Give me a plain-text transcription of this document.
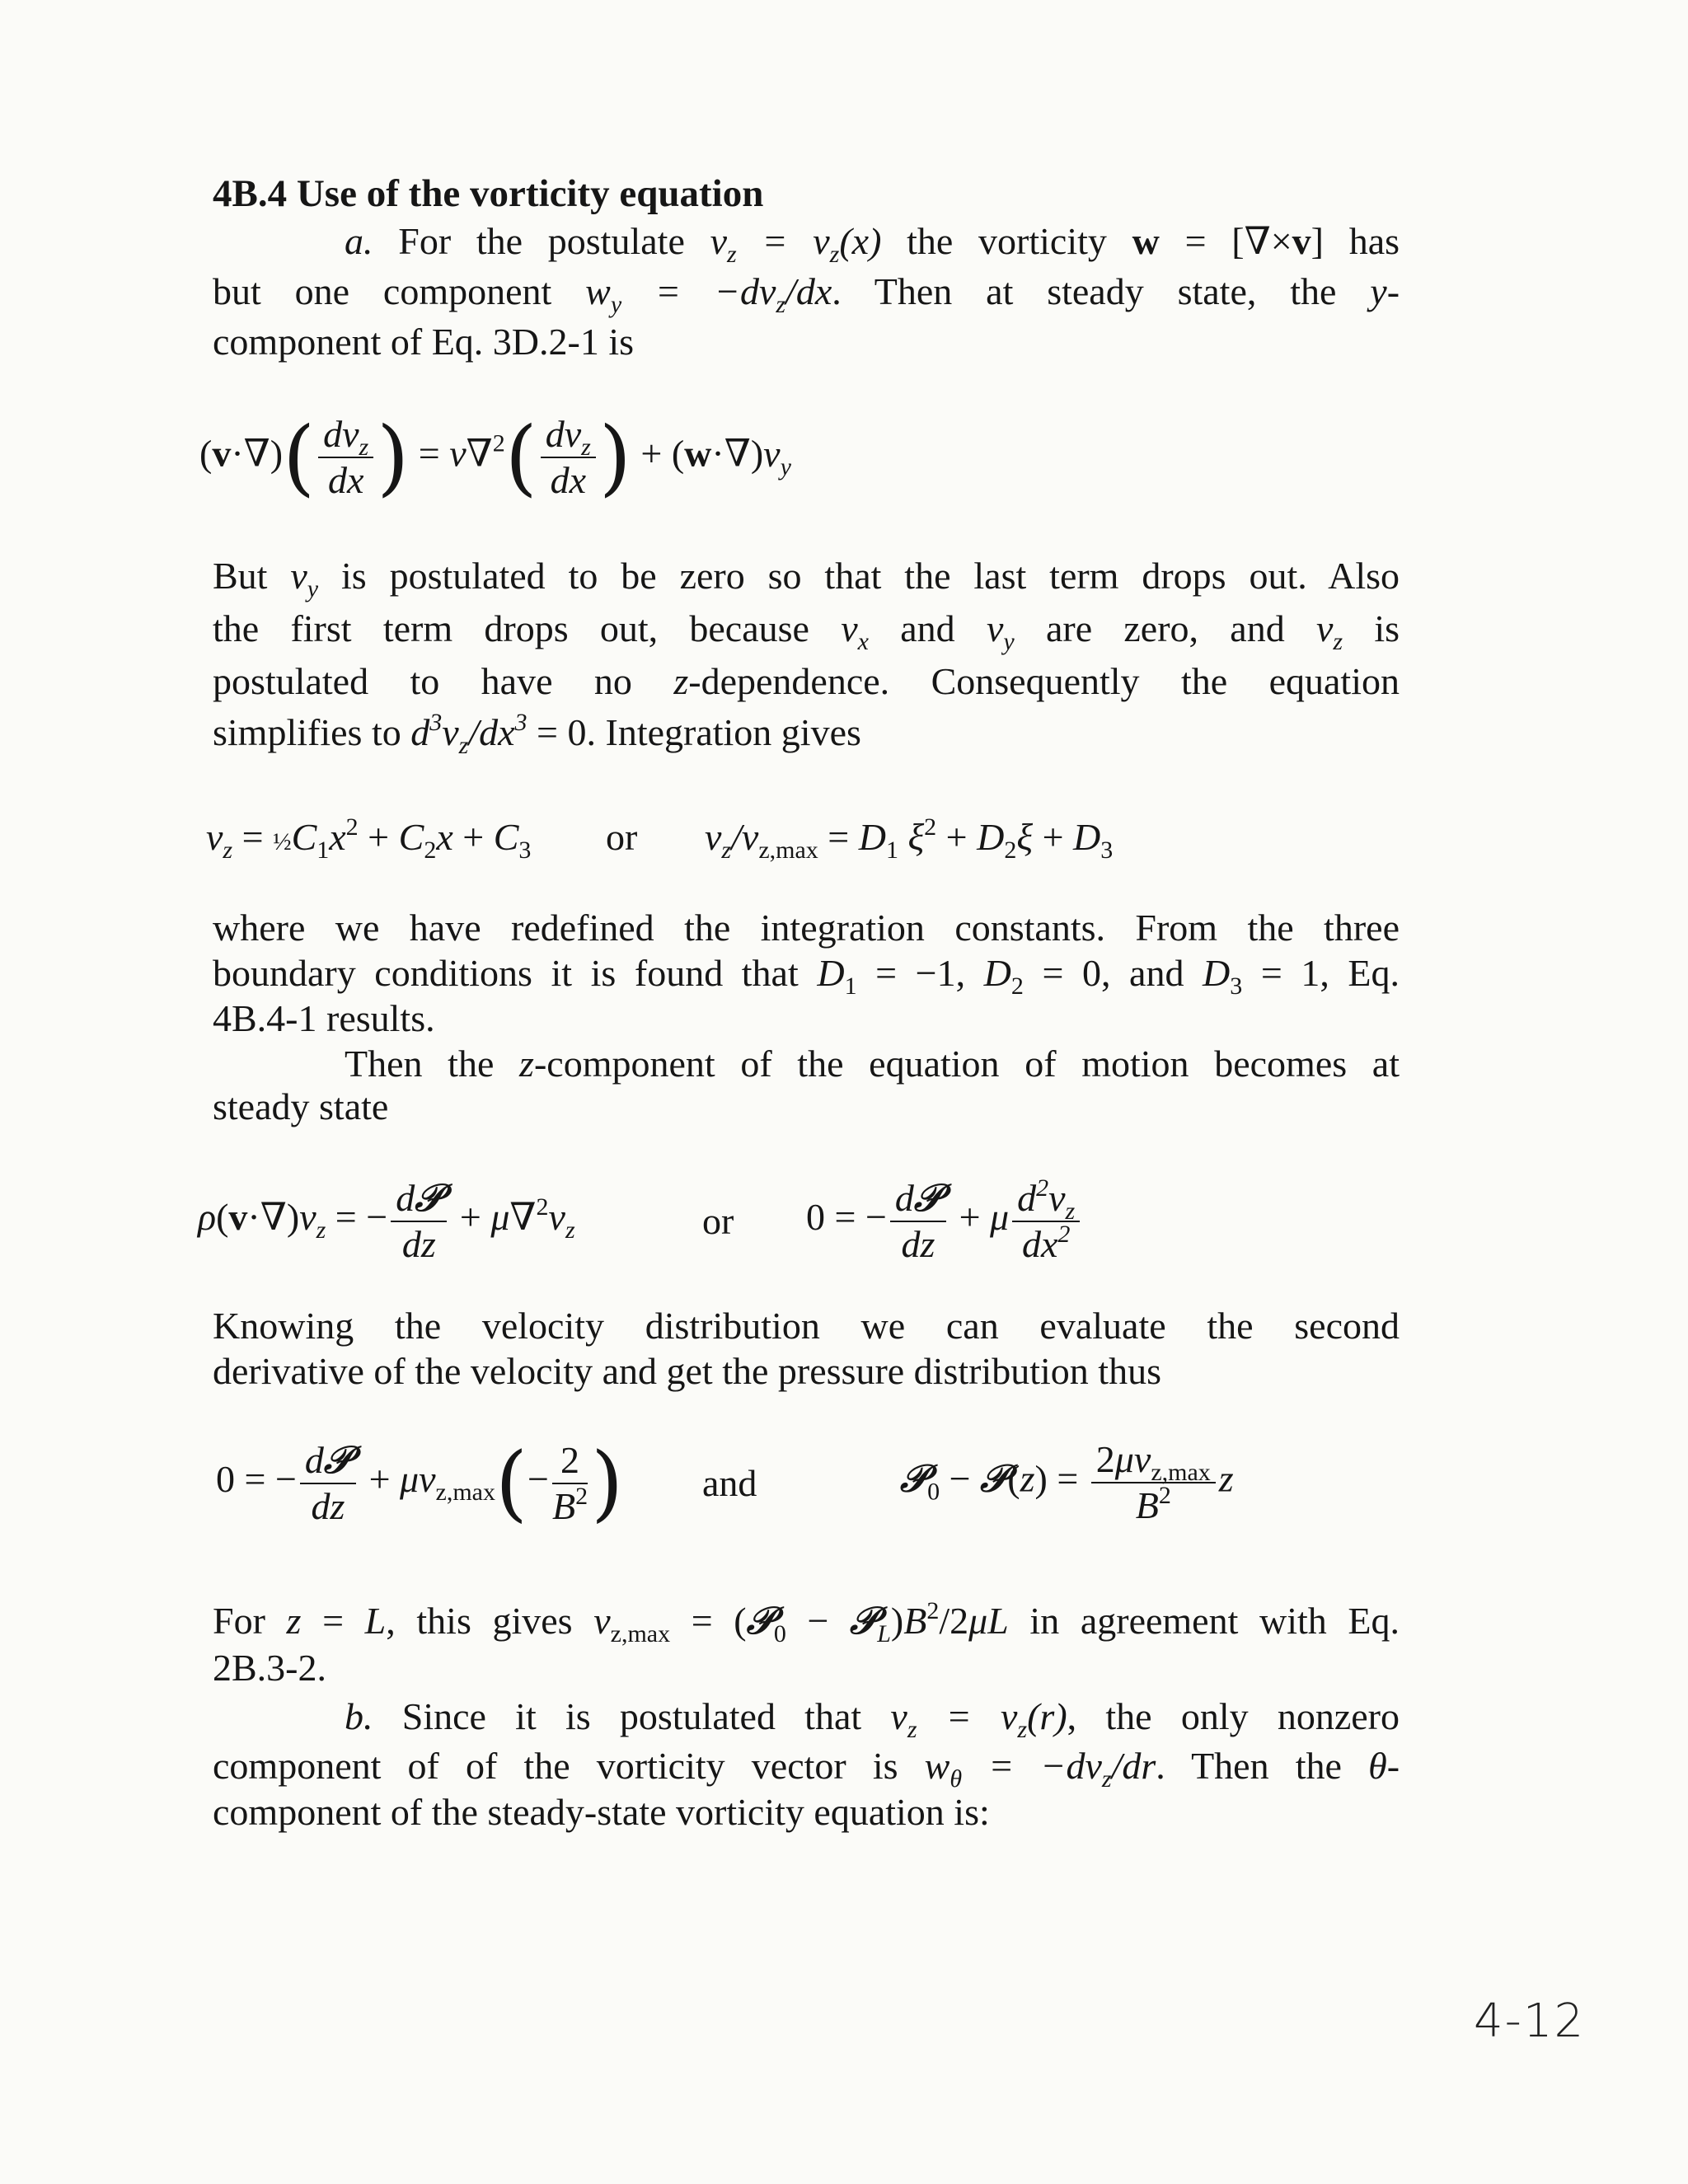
4B.4 Use of the vorticity equation
a. For the postulate $v_z = v_z(x)$ the vorticity w = [∇×v] has
but one component $w_y = -dv_z/dx$. Then at steady state, the y-
component of Eq. 3D.2-1 is
$(v\cdot\nabla)( \frac{dv_z}{dx}$ ) = $\nu\nabla^2( \frac{dv_z}{dx}$ ) + $(w\cdot\nabla)v_y$
But $v_y$ is postulated to be zero so that the last term drops out. Also
the first term drops out, because $v_x$ and $v_y$ are zero, and $v_z$ is
postulated to have no z-dependence. Consequently the equation
simplifies to $d^3v_z/dx^3 = 0$. Integration gives
$v_z$ = $\frac{1}{2}C_1x^2 + C_2x + C_3$ or $v_z/v_{z,max} = D_1$ $\xi^2 + D_2\xi + D_3$
where we have redefined the integration constants. From the three
boundary conditions it is found that $D_1 = -1$, $D_2 = 0$, and $D_3 = 1$, Eq.
4B.4-1 results.
Then the z-component of the equation of motion becomes at
steady state
$\rho(v\cdot\nabla)v_z$ = − $\frac{\text{d𝒫}}{dz} + \mu\nabla^2v_z$	or 0 = − $\frac{\text{d𝒫}}{dz} + \mu \frac{d^2v_z}{dx^2}$
Knowing the velocity distribution we can evaluate the second
derivative of the velocity and get the pressure distribution thus
0 = − $\frac{\text{d𝒫}}{dz} + \mu v_{z,max}(- \frac{2}{B^2}$ ) and	𝒫$_0$ − 𝒫(z) = $\frac{2\mu v_{z,max}}{B^2}$ z
For z = L, this gives $v_{z,max}$ = (𝒫$_0$ − $𝒫_L)B^2/2\mu L$ in agreement with Eq.
2B.3-2.
b. Since it is postulated that $v_z = v_z(r)$, the only nonzero
component of of the vorticity vector is $w_\theta = -dv_z/dr$. Then the θ-
component of the steady-state vorticity equation is:
4-12
